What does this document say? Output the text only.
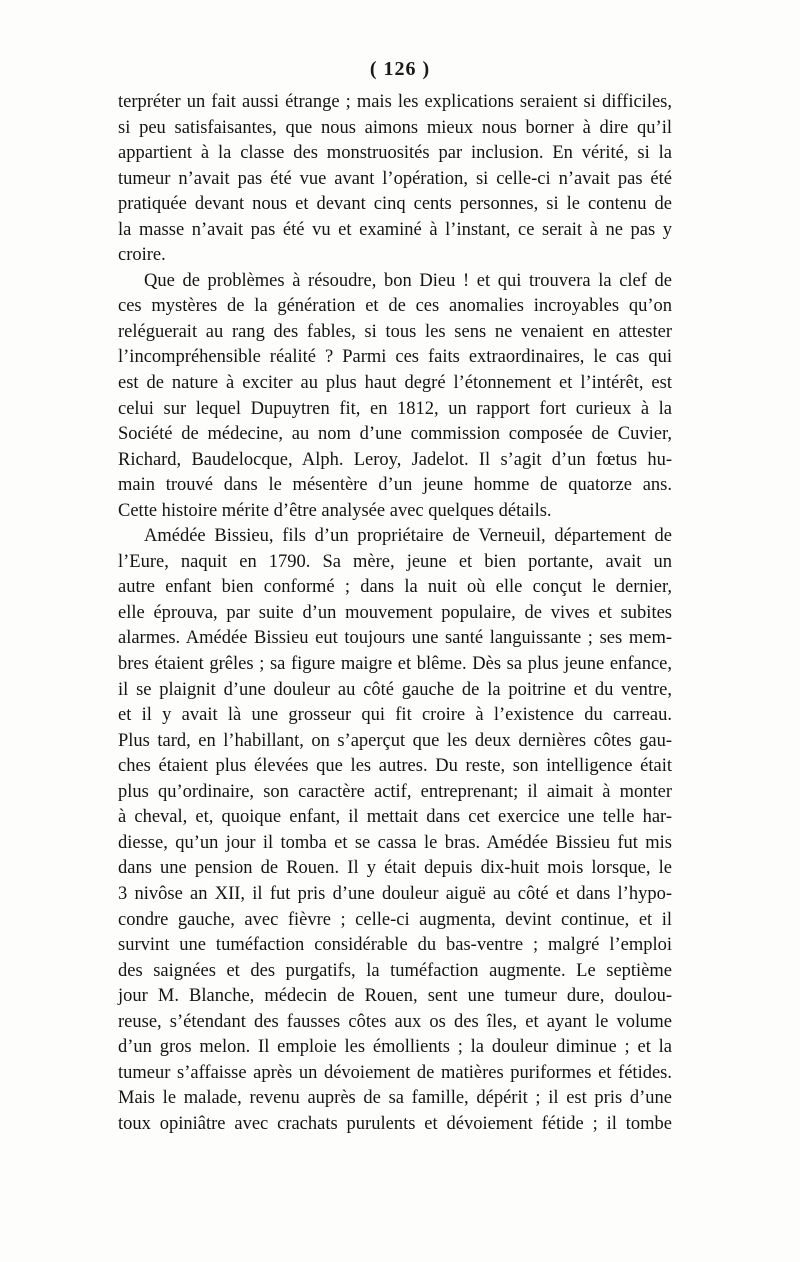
( 126 )
terpréter un fait aussi étrange ; mais les explications seraient si difficiles,
si peu satisfaisantes, que nous aimons mieux nous borner à dire qu’il
appartient à la classe des monstruosités par inclusion. En vérité, si la
tumeur n’avait pas été vue avant l’opération, si celle-ci n’avait pas été
pratiquée devant nous et devant cinq cents personnes, si le contenu de
la masse n’avait pas été vu et examiné à l’instant, ce serait à ne pas y
croire.
Que de problèmes à résoudre, bon Dieu ! et qui trouvera la clef de
ces mystères de la génération et de ces anomalies incroyables qu’on
reléguerait au rang des fables, si tous les sens ne venaient en attester
l’incompréhensible réalité ? Parmi ces faits extraordinaires, le cas qui
est de nature à exciter au plus haut degré l’étonnement et l’intérêt, est
celui sur lequel Dupuytren fit, en 1812, un rapport fort curieux à la
Société de médecine, au nom d’une commission composée de Cuvier,
Richard, Baudelocque, Alph. Leroy, Jadelot. Il s’agit d’un fœtus hu-
main trouvé dans le mésentère d’un jeune homme de quatorze ans.
Cette histoire mérite d’être analysée avec quelques détails.
Amédée Bissieu, fils d’un propriétaire de Verneuil, département de
l’Eure, naquit en 1790. Sa mère, jeune et bien portante, avait un
autre enfant bien conformé ; dans la nuit où elle conçut le dernier,
elle éprouva, par suite d’un mouvement populaire, de vives et subites
alarmes. Amédée Bissieu eut toujours une santé languissante ; ses mem-
bres étaient grêles ; sa figure maigre et blême. Dès sa plus jeune enfance,
il se plaignit d’une douleur au côté gauche de la poitrine et du ventre,
et il y avait là une grosseur qui fit croire à l’existence du carreau.
Plus tard, en l’habillant, on s’aperçut que les deux dernières côtes gau-
ches étaient plus élevées que les autres. Du reste, son intelligence était
plus qu’ordinaire, son caractère actif, entreprenant; il aimait à monter
à cheval, et, quoique enfant, il mettait dans cet exercice une telle har-
diesse, qu’un jour il tomba et se cassa le bras. Amédée Bissieu fut mis
dans une pension de Rouen. Il y était depuis dix-huit mois lorsque, le
3 nivôse an XII, il fut pris d’une douleur aiguë au côté et dans l’hypo-
condre gauche, avec fièvre ; celle-ci augmenta, devint continue, et il
survint une tuméfaction considérable du bas-ventre ; malgré l’emploi
des saignées et des purgatifs, la tuméfaction augmente. Le septième
jour M. Blanche, médecin de Rouen, sent une tumeur dure, doulou-
reuse, s’étendant des fausses côtes aux os des îles, et ayant le volume
d’un gros melon. Il emploie les émollients ; la douleur diminue ; et la
tumeur s’affaisse après un dévoiement de matières puriformes et fétides.
Mais le malade, revenu auprès de sa famille, dépérit ; il est pris d’une
toux opiniâtre avec crachats purulents et dévoiement fétide ; il tombe
